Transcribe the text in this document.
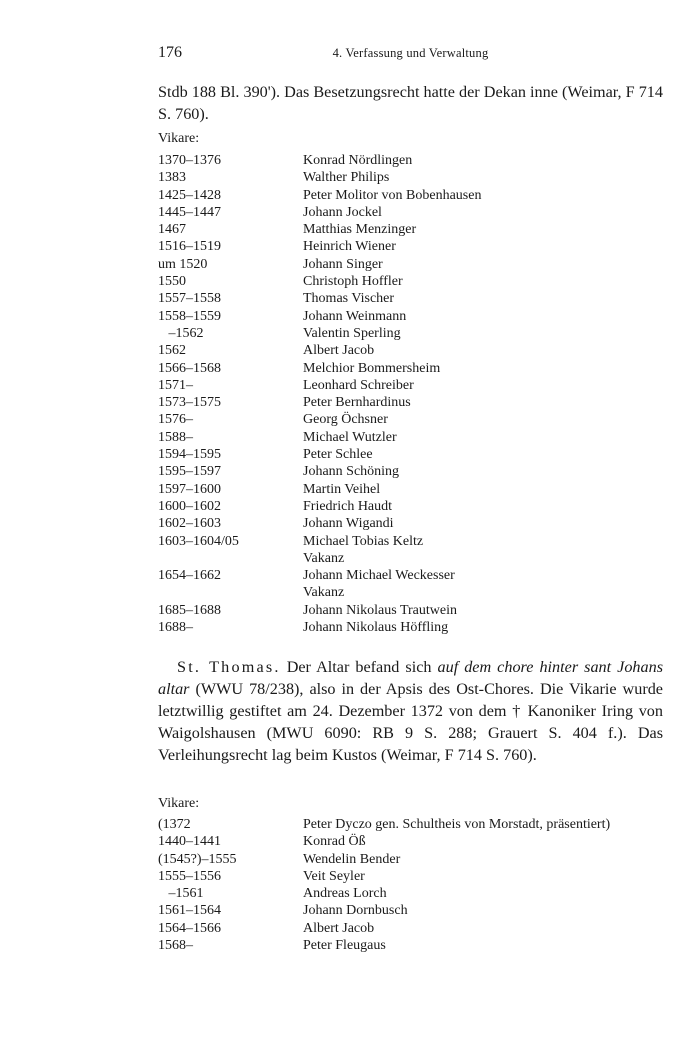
176	4. Verfassung und Verwaltung

Stdb 188 Bl. 390'). Das Besetzungsrecht hatte der Dekan inne (Weimar, F 714 S. 760).

Vikare:
1370–1376	Konrad Nördlingen
1383	Walther Philips
1425–1428	Peter Molitor von Bobenhausen
1445–1447	Johann Jockel
1467	Matthias Menzinger
1516–1519	Heinrich Wiener
um 1520	Johann Singer
1550	Christoph Hoffler
1557–1558	Thomas Vischer
1558–1559	Johann Weinmann
–1562	Valentin Sperling
1562	Albert Jacob
1566–1568	Melchior Bommersheim
1571–	Leonhard Schreiber
1573–1575	Peter Bernhardinus
1576–	Georg Öchsner
1588–	Michael Wutzler
1594–1595	Peter Schlee
1595–1597	Johann Schöning
1597–1600	Martin Veihel
1600–1602	Friedrich Haudt
1602–1603	Johann Wigandi
1603–1604/05	Michael Tobias Keltz
Vakanz
1654–1662	Johann Michael Weckesser
Vakanz
1685–1688	Johann Nikolaus Trautwein
1688–	Johann Nikolaus Höffling

St. Thomas. Der Altar befand sich auf dem chore hinter sant Johans altar (WWU 78/238), also in der Apsis des Ost-Chores. Die Vikarie wurde letztwillig gestiftet am 24. Dezember 1372 von dem † Kanoniker Iring von Waigolshausen (MWU 6090: RB 9 S. 288; Grauert S. 404 f.). Das Verleihungsrecht lag beim Kustos (Weimar, F 714 S. 760).

Vikare:
(1372	Peter Dyczo gen. Schultheis von Morstadt, präsentiert)
1440–1441	Konrad Öß
(1545?)–1555	Wendelin Bender
1555–1556	Veit Seyler
–1561	Andreas Lorch
1561–1564	Johann Dornbusch
1564–1566	Albert Jacob
1568–	Peter Fleugaus
